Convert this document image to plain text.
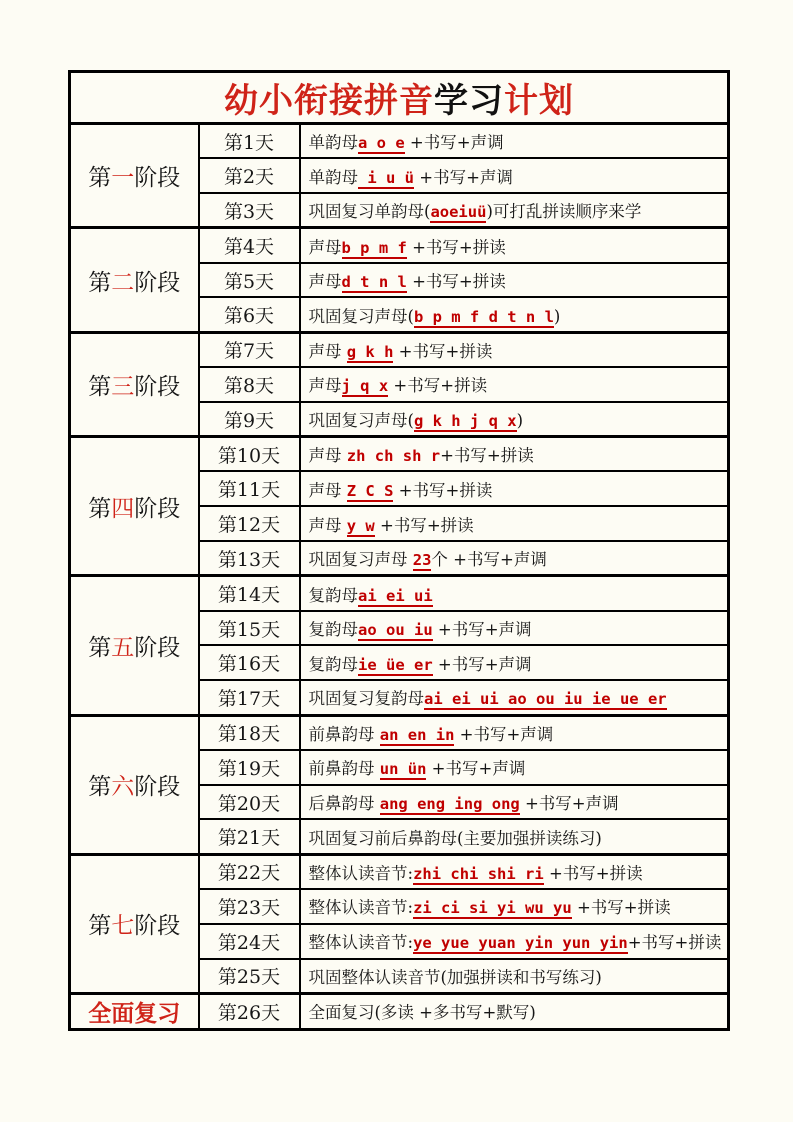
幼小衔接拼音学习计划		
第一阶段	第1天	单韵母a o e +书写+声调
	第2天	单韵母 i u ü +书写+声调
	第3天	巩固复习单韵母(aoeiuü)可打乱拼读顺序来学
第二阶段	第4天	声母b p m f +书写+拼读
	第5天	声母d t n l +书写+拼读
	第6天	巩固复习声母(b p m f d t n l)
第三阶段	第7天	声母 g k h +书写+拼读
	第8天	声母j q x +书写+拼读
	第9天	巩固复习声母(g k h j q x)
第四阶段	第10天	声母 zh ch sh r+书写+拼读
	第11天	声母 Z C S +书写+拼读
	第12天	声母 y w +书写+拼读
	第13天	巩固复习声母 23个 +书写+声调
第五阶段	第14天	复韵母ai ei ui
	第15天	复韵母ao ou iu +书写+声调
	第16天	复韵母ie üe er +书写+声调
	第17天	巩固复习复韵母ai ei ui ao ou iu ie ue er
第六阶段	第18天	前鼻韵母 an en in +书写+声调
	第19天	前鼻韵母 un ün +书写+声调
	第20天	后鼻韵母 ang eng ing ong +书写+声调
	第21天	巩固复习前后鼻韵母(主要加强拼读练习)
第七阶段	第22天	整体认读音节:zhi chi shi ri +书写+拼读
	第23天	整体认读音节:zi ci si yi wu yu +书写+拼读
	第24天	整体认读音节:ye yue yuan yin yun yin+书写+拼读
	第25天	巩固整体认读音节(加强拼读和书写练习)
全面复习	第26天	全面复习(多读 +多书写+默写)
